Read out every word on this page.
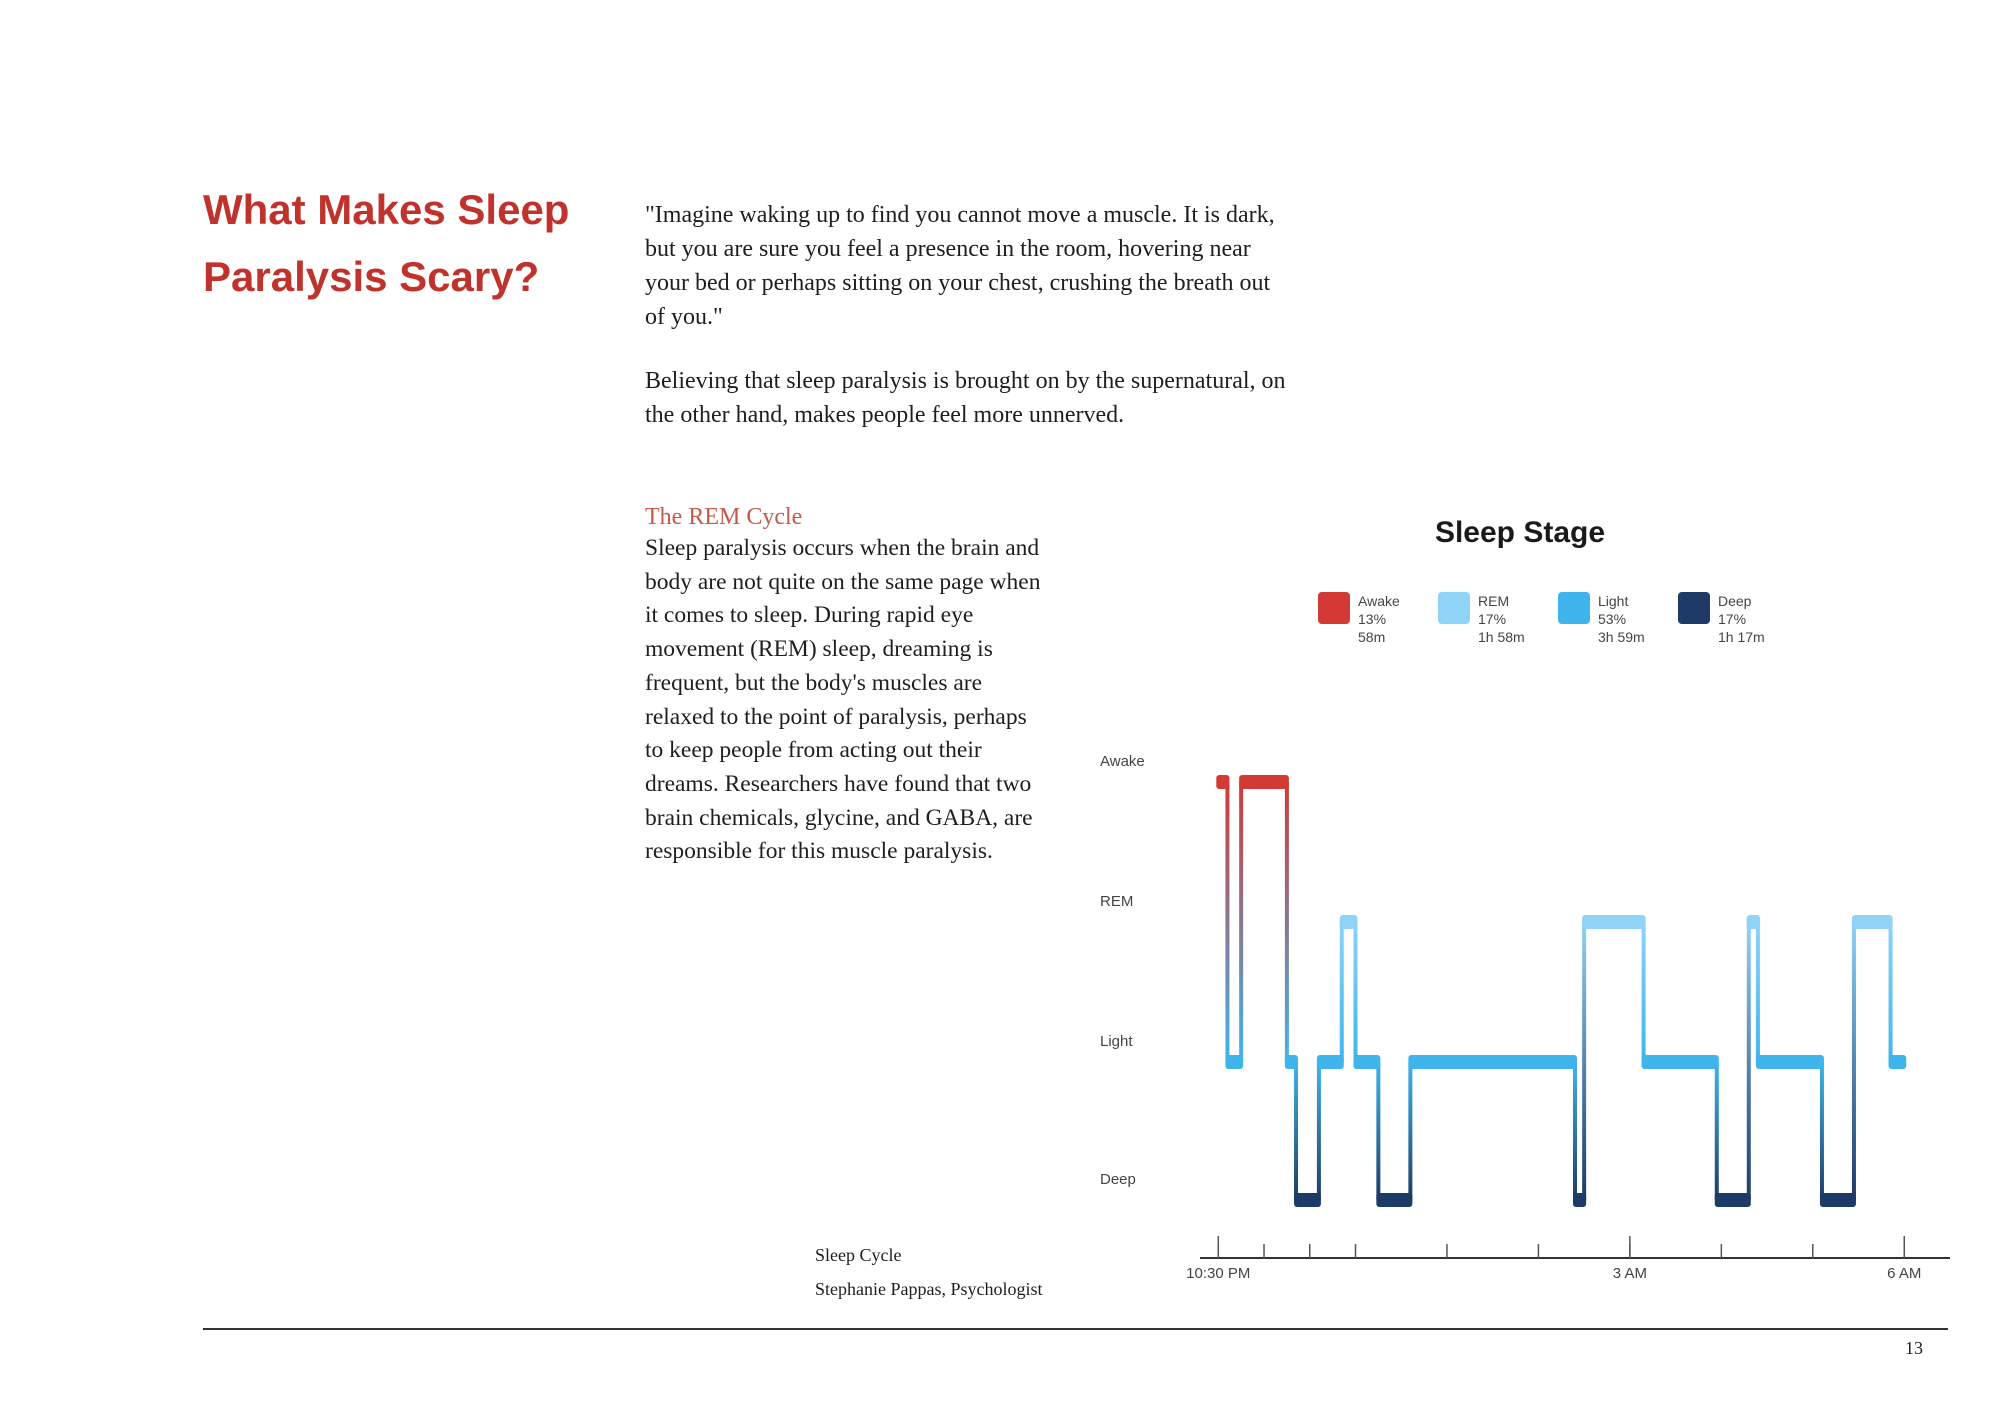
What Makes Sleep
Paralysis Scary?

"Imagine waking up to find you cannot move a muscle. It is dark, but you are sure you feel a presence in the room, hovering near your bed or perhaps sitting on your chest, crushing the breath out of you."

Believing that sleep paralysis is brought on by the supernatural, on the other hand, makes people feel more unnerved.

The REM Cycle

Sleep paralysis occurs when the brain and body are not quite on the same page when it comes to sleep. During rapid eye movement (REM) sleep, dreaming is frequent, but the body's muscles are relaxed to the point of paralysis, perhaps to keep people from acting out their dreams. Researchers have found that two brain chemicals, glycine, and GABA, are responsible for this muscle paralysis.

Sleep Cycle
Stephanie Pappas, Psychologist
Sleep Stage
Awake
13%
58m
REM
17%
1h 58m
Light
53%
3h 59m
Deep
17%
1h 17m
Awake
REM
Light
Deep
10:30 PM	3 AM	6 AM
13
